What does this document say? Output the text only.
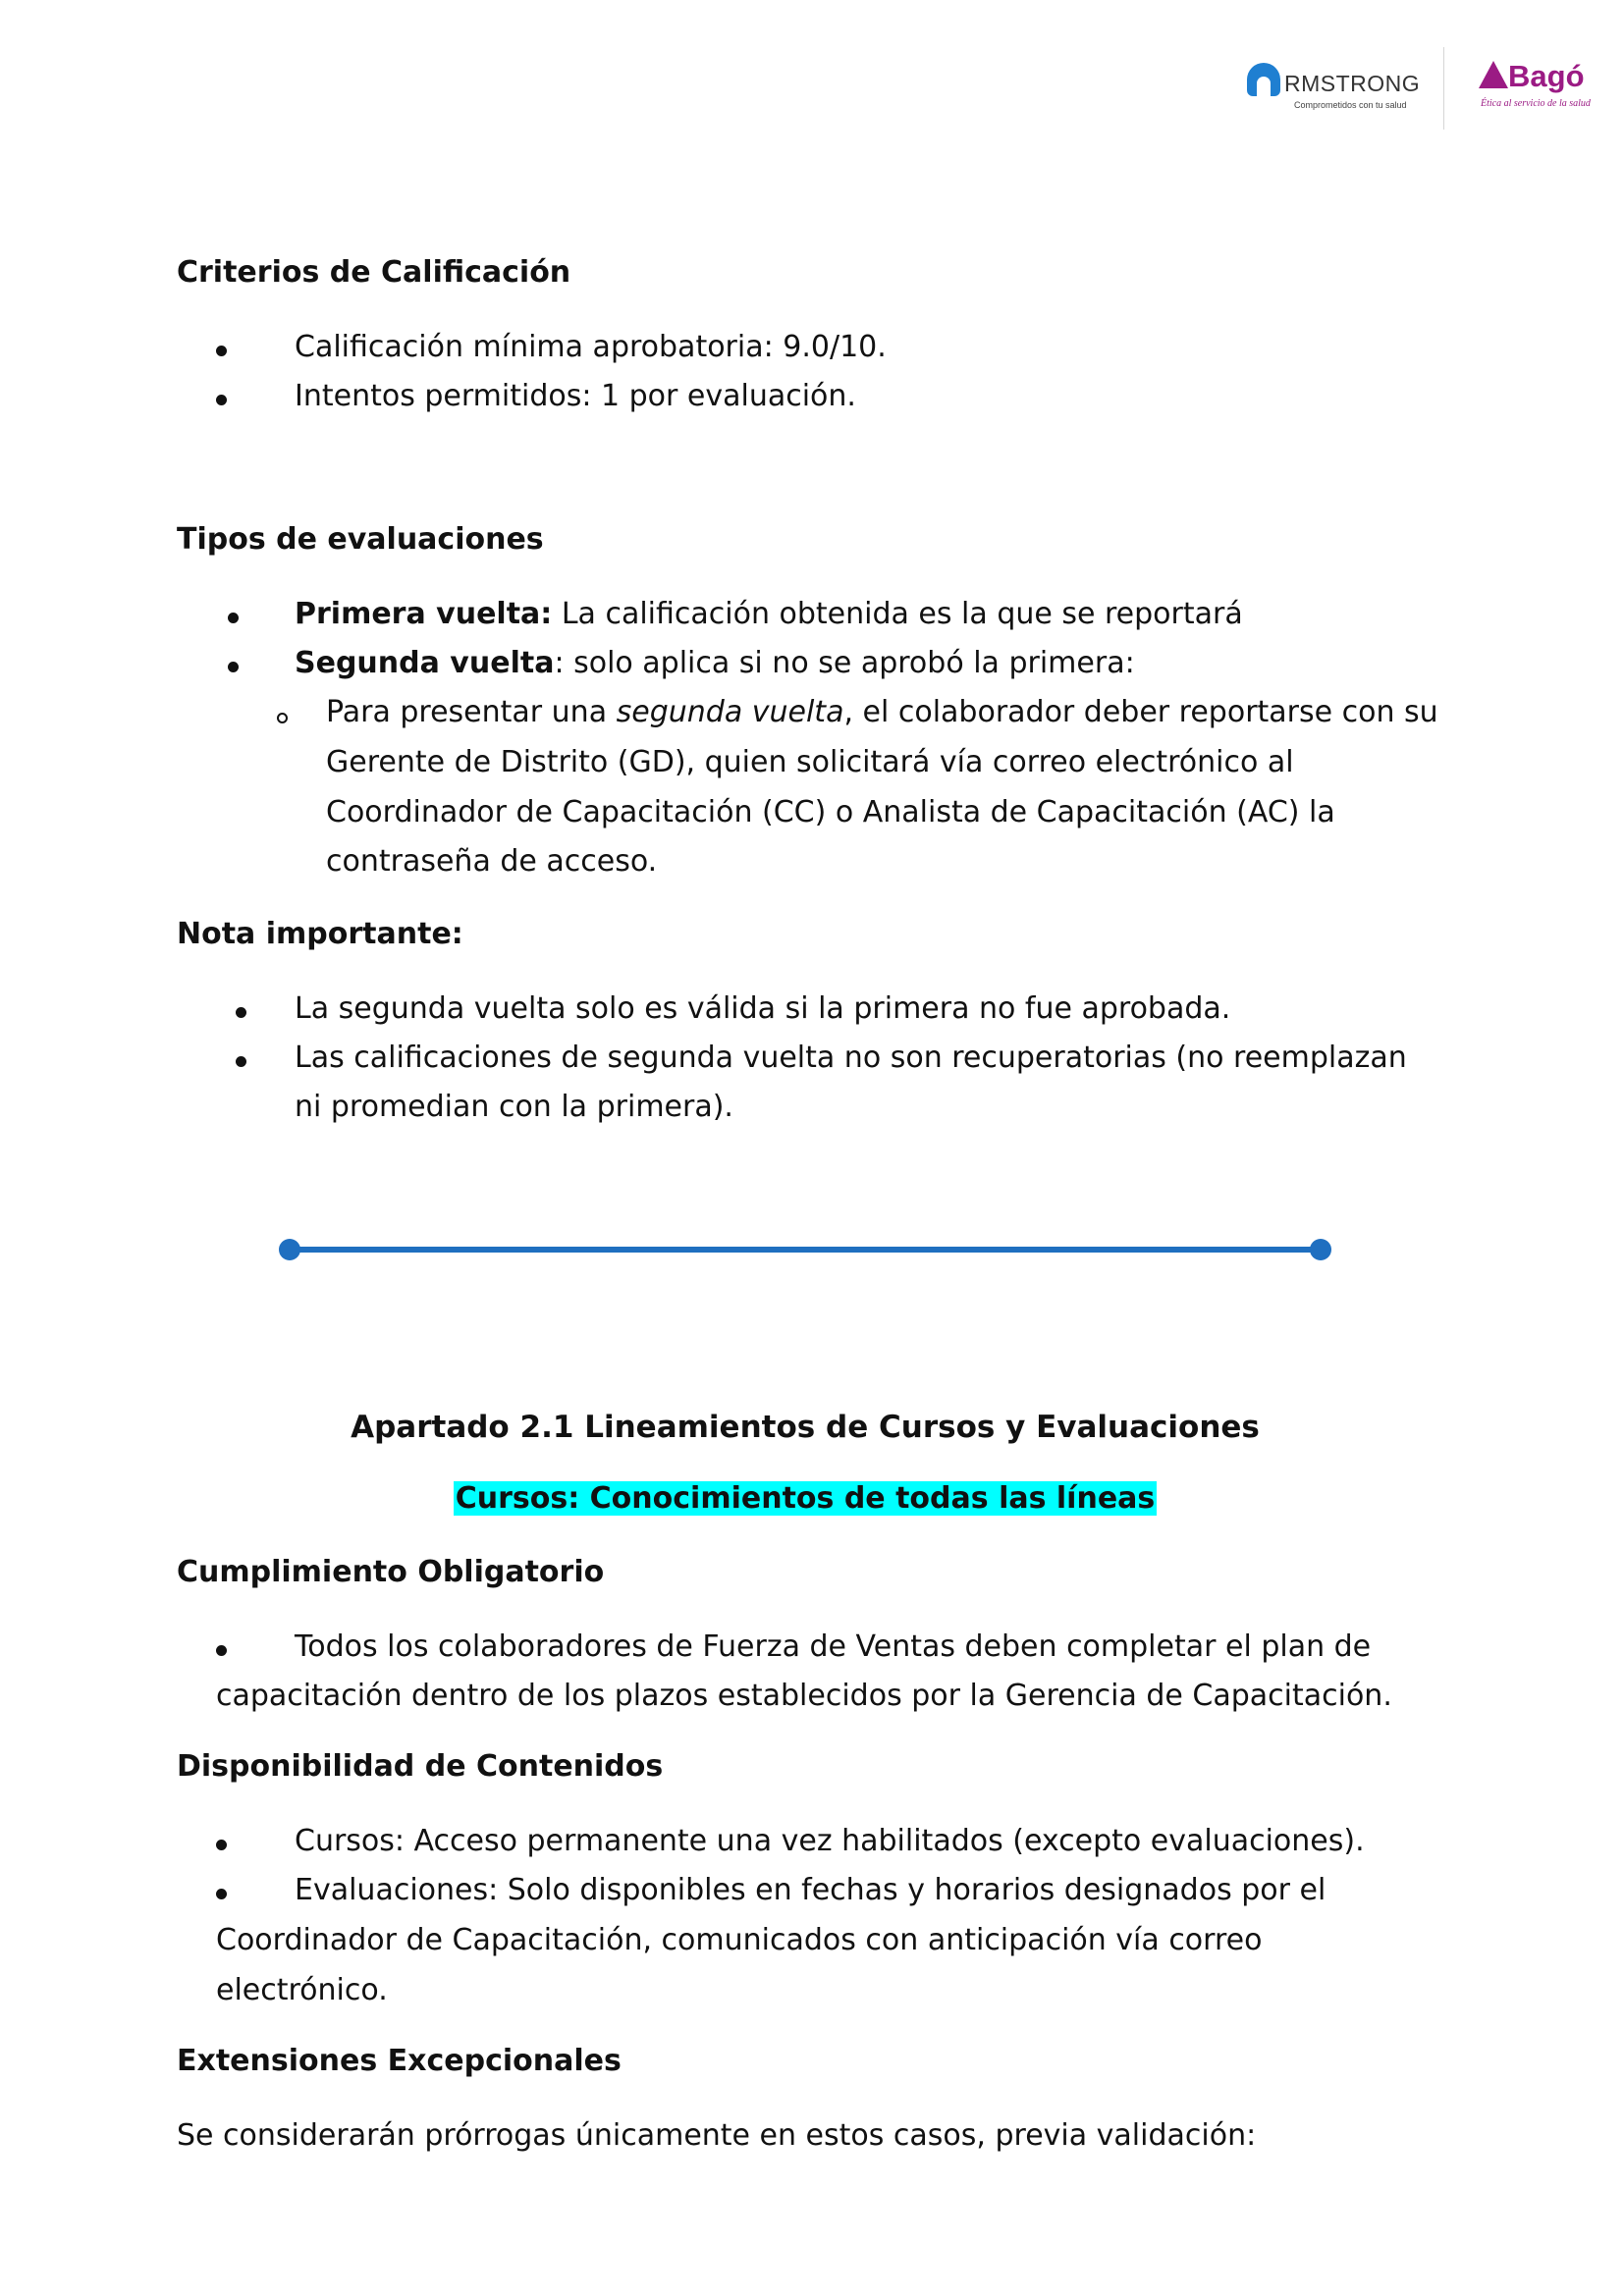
RMSTRONG
Comprometidos con tu salud
Bagó
Ética al servicio de la salud
Criterios de Calificación
Calificación mínima aprobatoria: 9.0/10.
Intentos permitidos: 1 por evaluación.
Tipos de evaluaciones
Primera vuelta: La calificación obtenida es la que se reportará
Segunda vuelta: solo aplica si no se aprobó la primera:
Para presentar una segunda vuelta, el colaborador deber reportarse con su
Gerente de Distrito (GD), quien solicitará vía correo electrónico al
Coordinador de Capacitación (CC) o Analista de Capacitación (AC) la
contraseña de acceso.
Nota importante:
La segunda vuelta solo es válida si la primera no fue aprobada.
Las calificaciones de segunda vuelta no son recuperatorias (no reemplazan
ni promedian con la primera).
Apartado 2.1 Lineamientos de Cursos y Evaluaciones
Cursos: Conocimientos de todas las líneas
Cumplimiento Obligatorio
Todos los colaboradores de Fuerza de Ventas deben completar el plan de
capacitación dentro de los plazos establecidos por la Gerencia de Capacitación.
Disponibilidad de Contenidos
Cursos: Acceso permanente una vez habilitados (excepto evaluaciones).
Evaluaciones: Solo disponibles en fechas y horarios designados por el
Coordinador de Capacitación, comunicados con anticipación vía correo
electrónico.
Extensiones Excepcionales
Se considerarán prórrogas únicamente en estos casos, previa validación:
